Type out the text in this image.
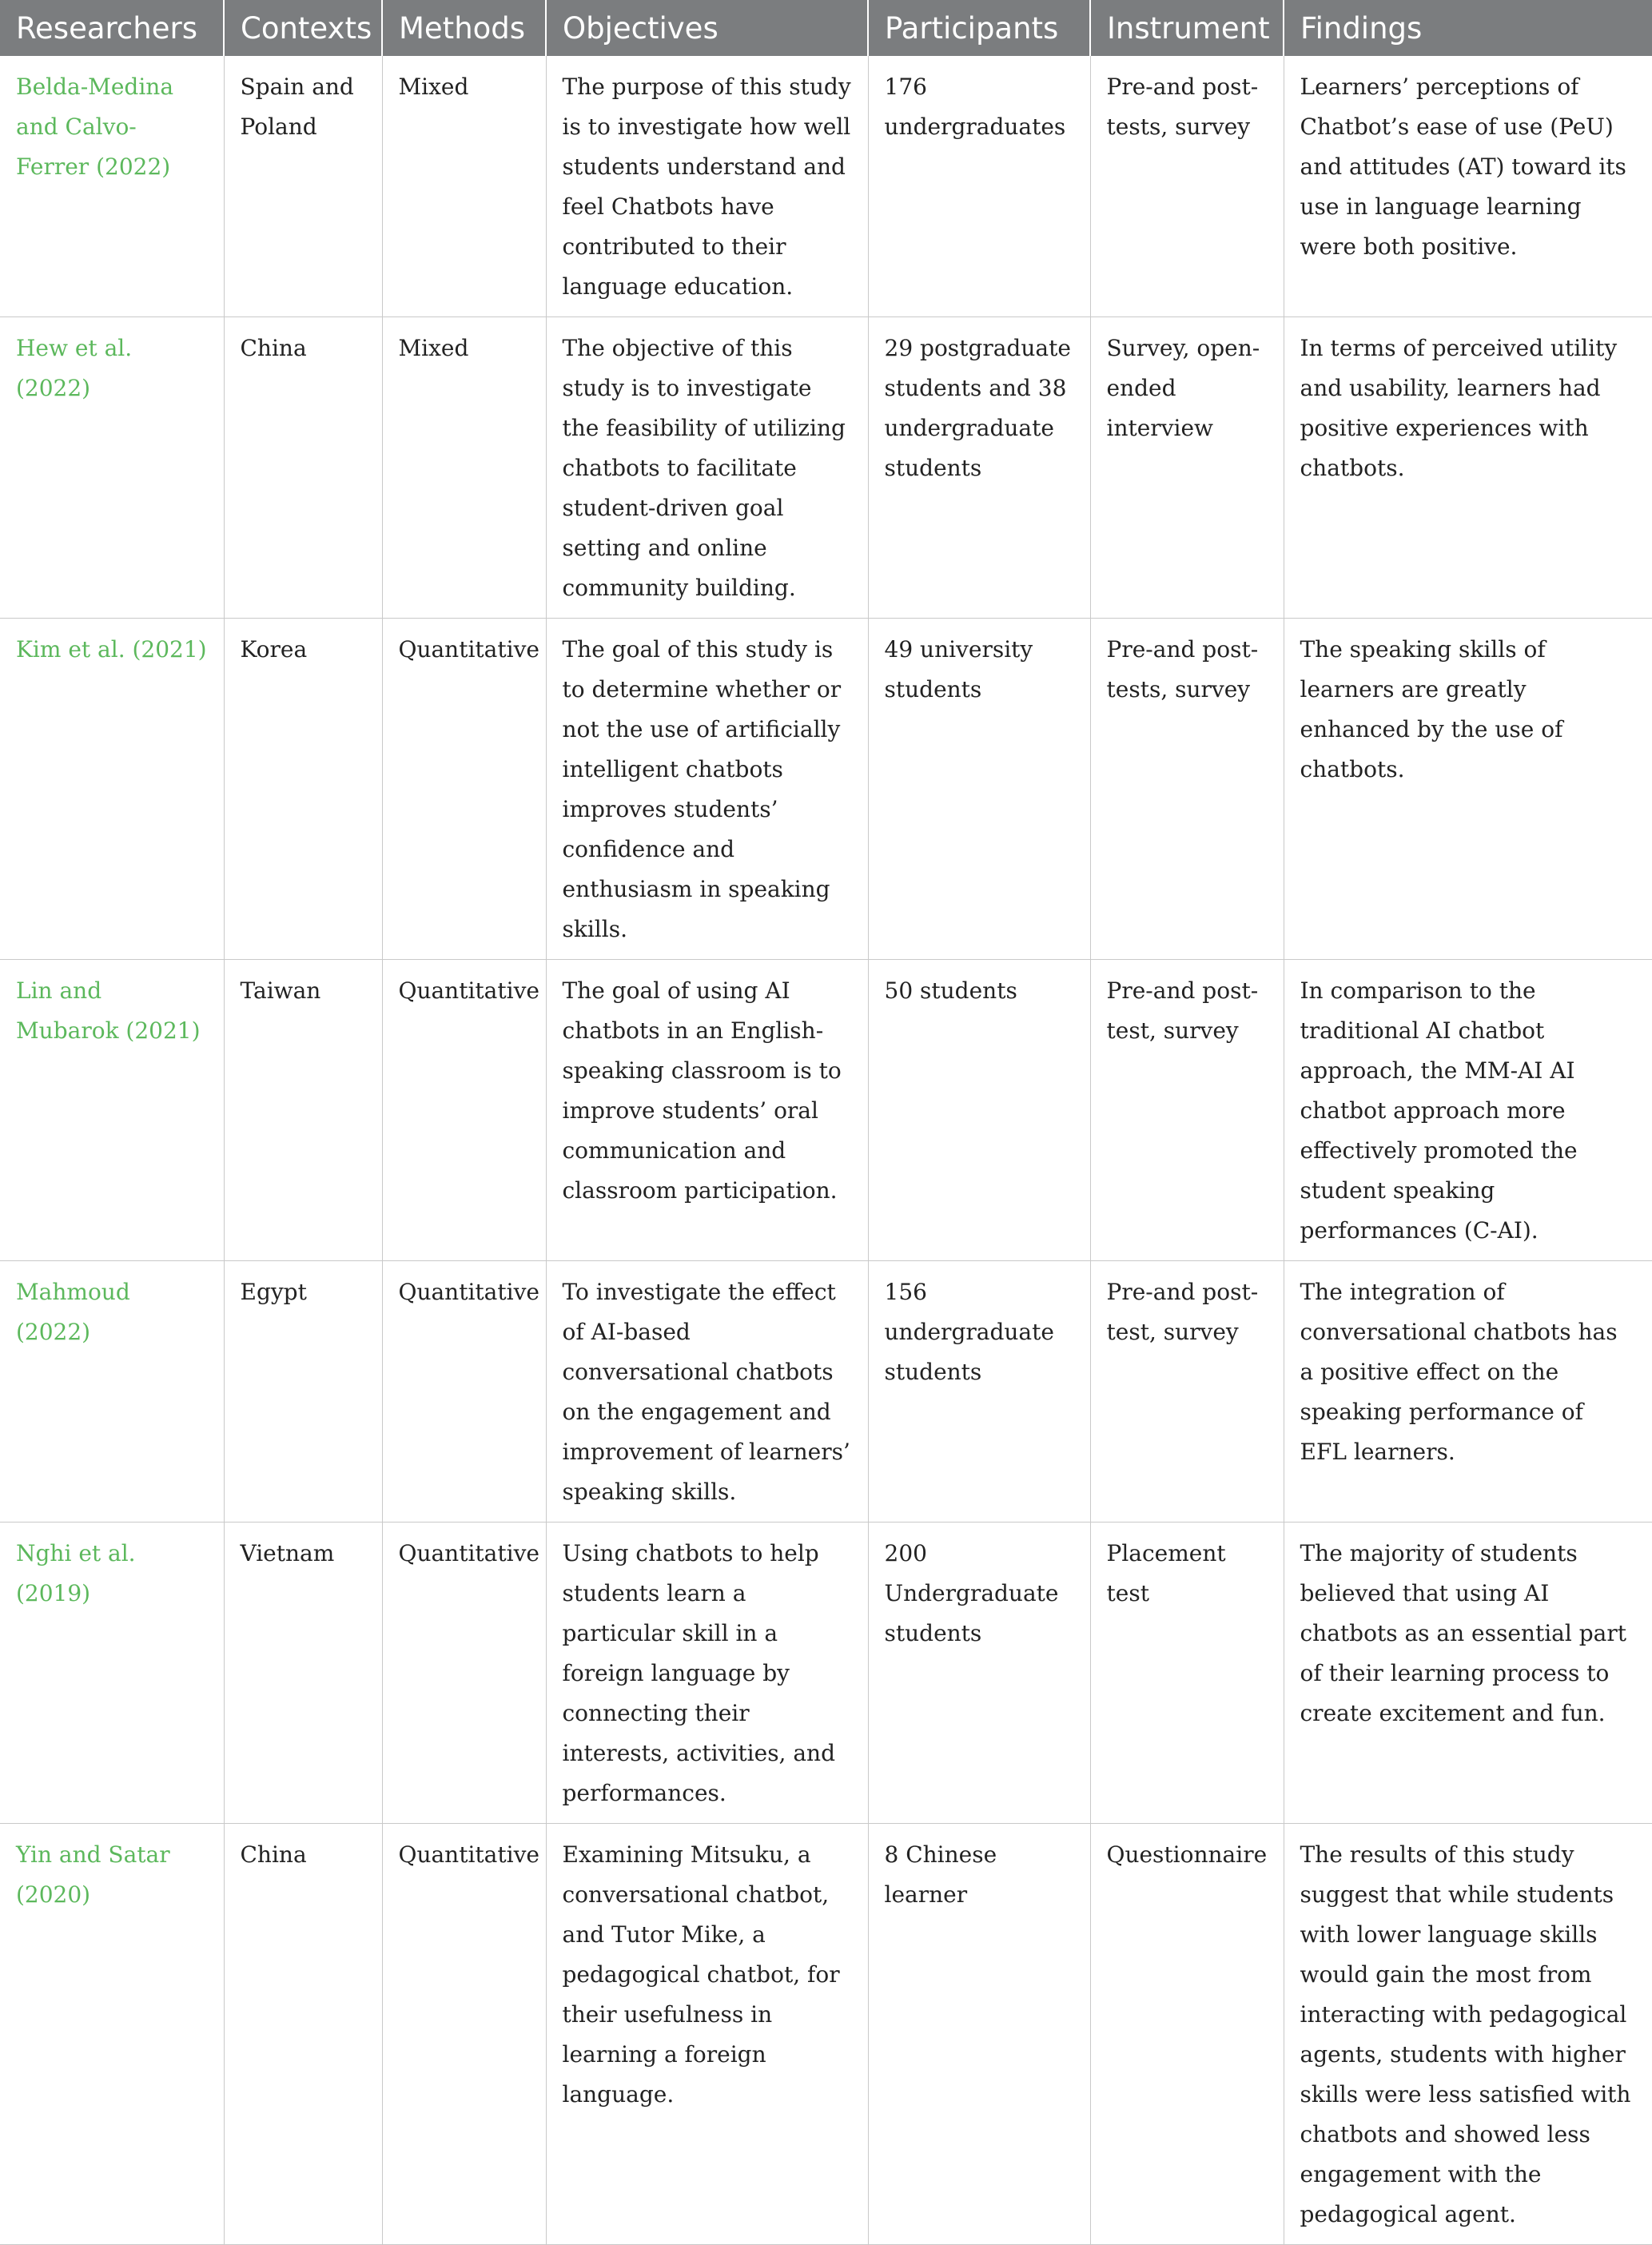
Researchers	Contexts	Methods	Objectives	Participants	Instrument	Findings
Belda-Medina and Calvo-Ferrer (2022)	Spain and Poland	Mixed	The purpose of this study is to investigate how well students understand and feel Chatbots have contributed to their language education.	176 undergraduates	Pre-and post-tests, survey	Learners’ perceptions of Chatbot’s ease of use (PeU) and attitudes (AT) toward its use in language learning were both positive.
Hew et al. (2022)	China	Mixed	The objective of this study is to investigate the feasibility of utilizing chatbots to facilitate student-driven goal setting and online community building.	29 postgraduate students and 38 undergraduate students	Survey, open-ended interview	In terms of perceived utility and usability, learners had positive experiences with chatbots.
Kim et al. (2021)	Korea	Quantitative	The goal of this study is to determine whether or not the use of artificially intelligent chatbots improves students’ confidence and enthusiasm in speaking skills.	49 university students	Pre-and post-tests, survey	The speaking skills of learners are greatly enhanced by the use of chatbots.
Lin and Mubarok (2021)	Taiwan	Quantitative	The goal of using AI chatbots in an English-speaking classroom is to improve students’ oral communication and classroom participation.	50 students	Pre-and post-test, survey	In comparison to the traditional AI chatbot approach, the MM-AI AI chatbot approach more effectively promoted the student speaking performances (C-AI).
Mahmoud (2022)	Egypt	Quantitative	To investigate the effect of AI-based conversational chatbots on the engagement and improvement of learners’ speaking skills.	156 undergraduate students	Pre-and post-test, survey	The integration of conversational chatbots has a positive effect on the speaking performance of EFL learners.
Nghi et al. (2019)	Vietnam	Quantitative	Using chatbots to help students learn a particular skill in a foreign language by connecting their interests, activities, and performances.	200 Undergraduate students	Placement test	The majority of students believed that using AI chatbots as an essential part of their learning process to create excitement and fun.
Yin and Satar (2020)	China	Quantitative	Examining Mitsuku, a conversational chatbot, and Tutor Mike, a pedagogical chatbot, for their usefulness in learning a foreign language.	8 Chinese learner	Questionnaire	The results of this study suggest that while students with lower language skills would gain the most from interacting with pedagogical agents, students with higher skills were less satisfied with chatbots and showed less engagement with the pedagogical agent.
